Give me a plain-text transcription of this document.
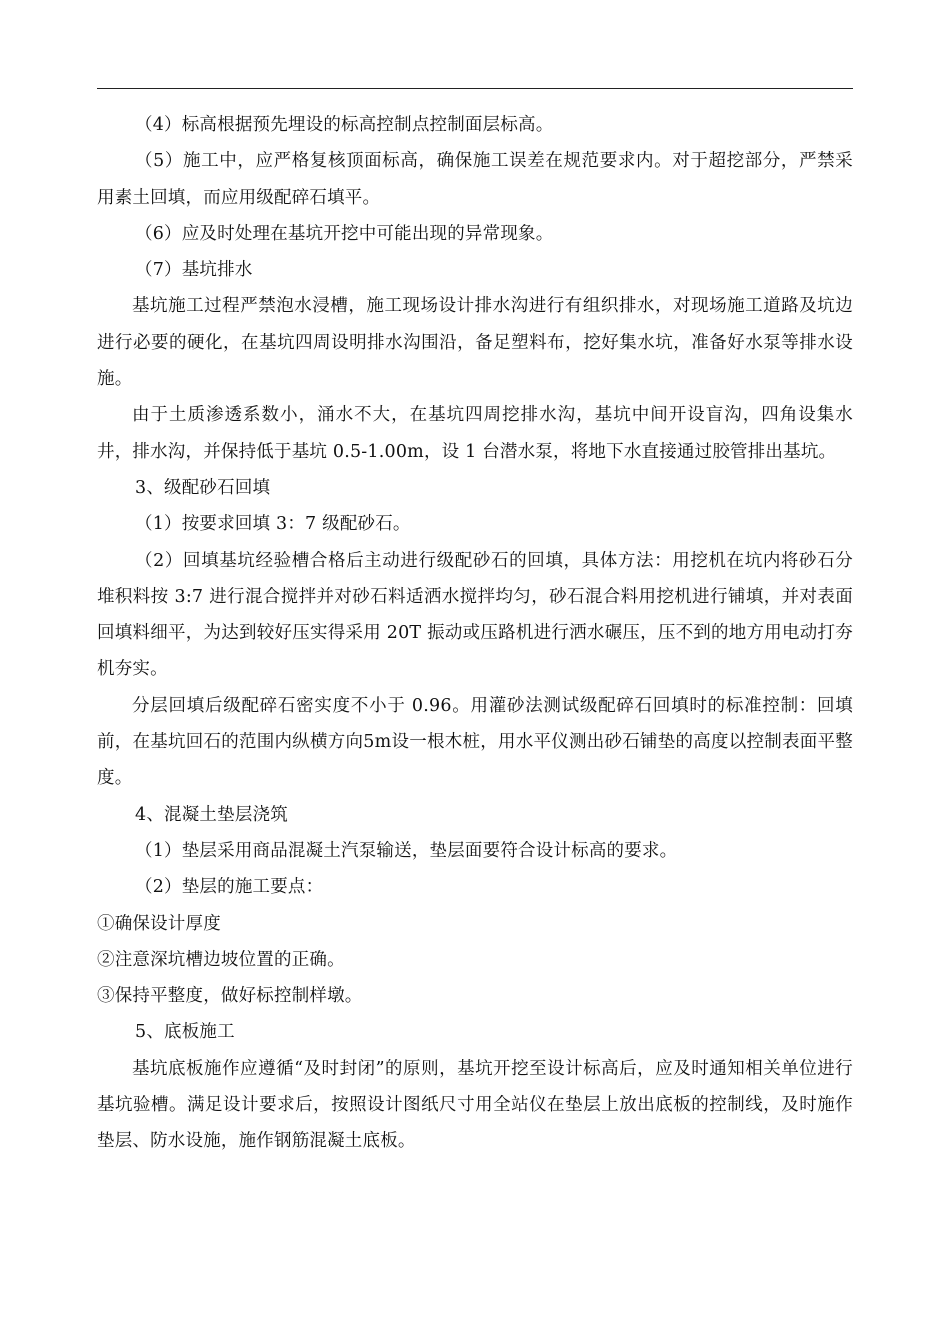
（4）标高根据预先埋设的标高控制点控制面层标高。

（5）施工中，应严格复核顶面标高，确保施工误差在规范要求内。对于超挖部分，严禁采用素土回填，而应用级配碎石填平。

（6）应及时处理在基坑开挖中可能出现的异常现象。

（7）基坑排水

基坑施工过程严禁泡水浸槽，施工现场设计排水沟进行有组织排水，对现场施工道路及坑边进行必要的硬化，在基坑四周设明排水沟围沿，备足塑料布，挖好集水坑，准备好水泵等排水设施。

由于土质渗透系数小，涌水不大，在基坑四周挖排水沟，基坑中间开设盲沟，四角设集水井，排水沟，并保持低于基坑 0.5-1.00m，设 1 台潜水泵，将地下水直接通过胶管排出基坑。

3、级配砂石回填

（1）按要求回填 3：7 级配砂石。

（2）回填基坑经验槽合格后主动进行级配砂石的回填，具体方法：用挖机在坑内将砂石分堆积料按 3:7 进行混合搅拌并对砂石料适洒水搅拌均匀，砂石混合料用挖机进行铺填，并对表面回填料细平，为达到较好压实得采用 20T 振动或压路机进行洒水碾压，压不到的地方用电动打夯机夯实。

分层回填后级配碎石密实度不小于 0.96。用灌砂法测试级配碎石回填时的标准控制：回填前，在基坑回石的范围内纵横方向5m设一根木桩，用水平仪测出砂石铺垫的高度以控制表面平整度。

4、混凝土垫层浇筑

（1）垫层采用商品混凝土汽泵输送，垫层面要符合设计标高的要求。

（2）垫层的施工要点：

①确保设计厚度

②注意深坑槽边坡位置的正确。

③保持平整度，做好标控制样墩。

5、底板施工

基坑底板施作应遵循“及时封闭”的原则，基坑开挖至设计标高后，应及时通知相关单位进行基坑验槽。满足设计要求后，按照设计图纸尺寸用全站仪在垫层上放出底板的控制线，及时施作垫层、防水设施，施作钢筋混凝土底板。
